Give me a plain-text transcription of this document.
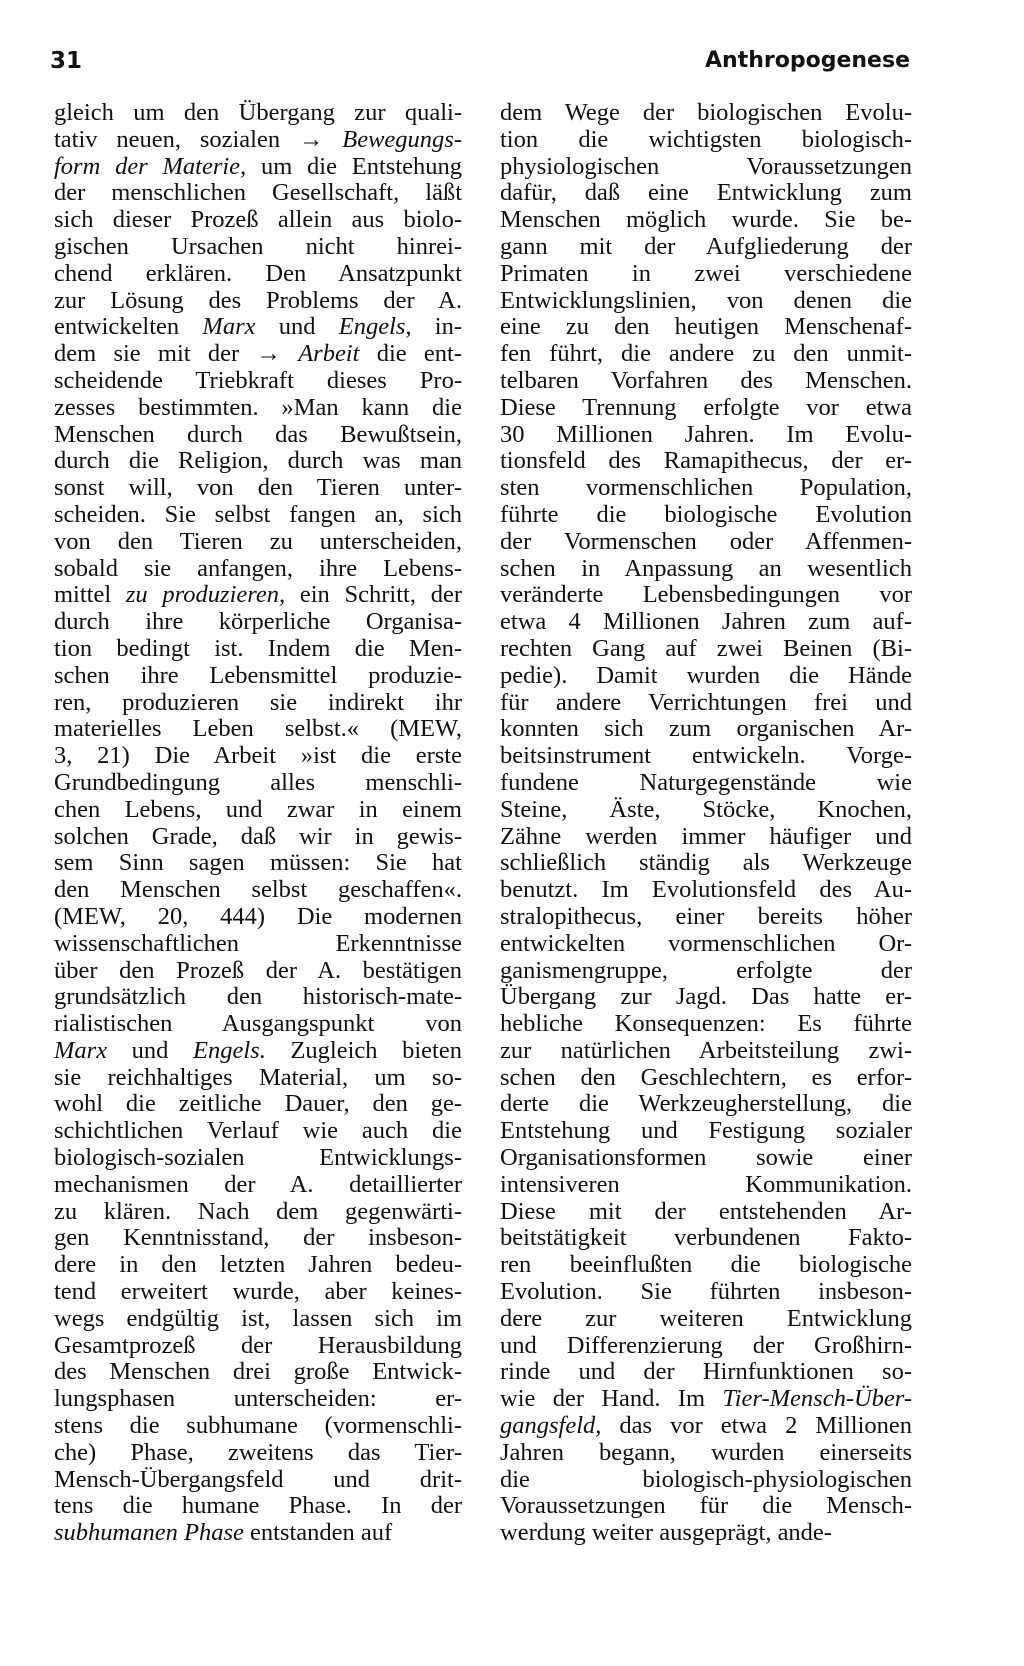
31	Anthropogenese
gleich um den Übergang zur quali-
tativ neuen, sozialen → Bewegungs-
form der Materie, um die Entstehung
der menschlichen Gesellschaft, läßt
sich dieser Prozeß allein aus biolo-
gischen Ursachen nicht hinrei-
chend erklären. Den Ansatzpunkt
zur Lösung des Problems der A.
entwickelten Marx und Engels, in-
dem sie mit der → Arbeit die ent-
scheidende Triebkraft dieses Pro-
zesses bestimmten. »Man kann die
Menschen durch das Bewußtsein,
durch die Religion, durch was man
sonst will, von den Tieren unter-
scheiden. Sie selbst fangen an, sich
von den Tieren zu unterscheiden,
sobald sie anfangen, ihre Lebens-
mittel zu produzieren, ein Schritt, der
durch ihre körperliche Organisa-
tion bedingt ist. Indem die Men-
schen ihre Lebensmittel produzie-
ren, produzieren sie indirekt ihr
materielles Leben selbst.« (MEW,
3, 21) Die Arbeit »ist die erste
Grundbedingung alles menschli-
chen Lebens, und zwar in einem
solchen Grade, daß wir in gewis-
sem Sinn sagen müssen: Sie hat
den Menschen selbst geschaffen«.
(MEW, 20, 444) Die modernen
wissenschaftlichen Erkenntnisse
über den Prozeß der A. bestätigen
grundsätzlich den historisch-mate-
rialistischen Ausgangspunkt von
Marx und Engels. Zugleich bieten
sie reichhaltiges Material, um so-
wohl die zeitliche Dauer, den ge-
schichtlichen Verlauf wie auch die
biologisch-sozialen Entwicklungs-
mechanismen der A. detaillierter
zu klären. Nach dem gegenwärti-
gen Kenntnisstand, der insbeson-
dere in den letzten Jahren bedeu-
tend erweitert wurde, aber keines-
wegs endgültig ist, lassen sich im
Gesamtprozeß der Herausbildung
des Menschen drei große Entwick-
lungsphasen unterscheiden: er-
stens die subhumane (vormenschli-
che) Phase, zweitens das Tier-
Mensch-Übergangsfeld und drit-
tens die humane Phase. In der
subhumanen Phase entstanden auf
dem Wege der biologischen Evolu-
tion die wichtigsten biologisch-
physiologischen Voraussetzungen
dafür, daß eine Entwicklung zum
Menschen möglich wurde. Sie be-
gann mit der Aufgliederung der
Primaten in zwei verschiedene
Entwicklungslinien, von denen die
eine zu den heutigen Menschenaf-
fen führt, die andere zu den unmit-
telbaren Vorfahren des Menschen.
Diese Trennung erfolgte vor etwa
30 Millionen Jahren. Im Evolu-
tionsfeld des Ramapithecus, der er-
sten vormenschlichen Population,
führte die biologische Evolution
der Vormenschen oder Affenmen-
schen in Anpassung an wesentlich
veränderte Lebensbedingungen vor
etwa 4 Millionen Jahren zum auf-
rechten Gang auf zwei Beinen (Bi-
pedie). Damit wurden die Hände
für andere Verrichtungen frei und
konnten sich zum organischen Ar-
beitsinstrument entwickeln. Vorge-
fundene Naturgegenstände wie
Steine, Äste, Stöcke, Knochen,
Zähne werden immer häufiger und
schließlich ständig als Werkzeuge
benutzt. Im Evolutionsfeld des Au-
stralopithecus, einer bereits höher
entwickelten vormenschlichen Or-
ganismengruppe, erfolgte der
Übergang zur Jagd. Das hatte er-
hebliche Konsequenzen: Es führte
zur natürlichen Arbeitsteilung zwi-
schen den Geschlechtern, es erfor-
derte die Werkzeugherstellung, die
Entstehung und Festigung sozialer
Organisationsformen sowie einer
intensiveren Kommunikation.
Diese mit der entstehenden Ar-
beitstätigkeit verbundenen Fakto-
ren beeinflußten die biologische
Evolution. Sie führten insbeson-
dere zur weiteren Entwicklung
und Differenzierung der Großhirn-
rinde und der Hirnfunktionen so-
wie der Hand. Im Tier-Mensch-Über-
gangsfeld, das vor etwa 2 Millionen
Jahren begann, wurden einerseits
die biologisch-physiologischen
Voraussetzungen für die Mensch-
werdung weiter ausgeprägt, ande-
